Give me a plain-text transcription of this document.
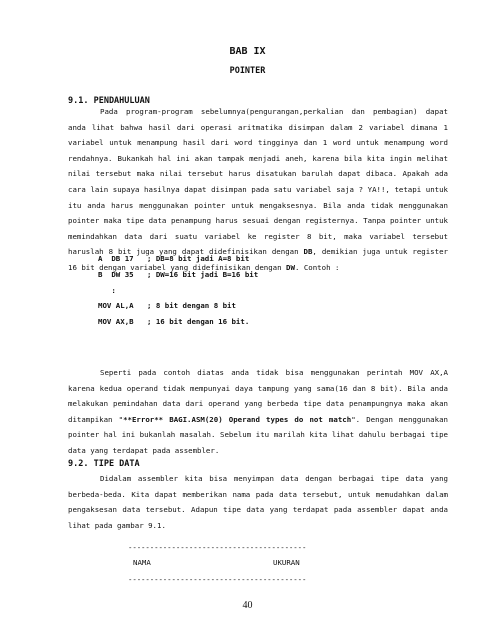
BAB IX
POINTER
9.1. PENDAHULUAN

Pada program-program sebelumnya(pengurangan,perkalian dan pembagian) dapat anda lihat bahwa hasil dari operasi aritmatika disimpan dalam 2 variabel dimana 1 variabel untuk menampung hasil dari word tingginya dan 1 word untuk menampung word rendahnya. Bukankah hal ini akan tampak menjadi aneh, karena bila kita ingin melihat nilai tersebut maka nilai tersebut harus disatukan barulah dapat dibaca. Apakah ada cara lain supaya hasilnya dapat disimpan pada satu variabel saja ? YA!!, tetapi untuk itu anda harus menggunakan pointer untuk mengaksesnya. Bila anda tidak menggunakan pointer maka tipe data penampung harus sesuai dengan registernya. Tanpa pointer untuk memindahkan data dari suatu variabel ke register 8 bit, maka variabel tersebut haruslah 8 bit juga yang dapat didefinisikan dengan DB, demikian juga untuk register 16 bit dengan variabel yang didefinisikan dengan DW. Contoh :

A  DB 17   ; DB=8 bit jadi A=8 bit
B  DW 35   ; DW=16 bit jadi B=16 bit
:
MOV AL,A   ; 8 bit dengan 8 bit
MOV AX,B   ; 16 bit dengan 16 bit.

Seperti pada contoh diatas anda tidak bisa menggunakan perintah MOV AX,A karena kedua operand tidak mempunyai daya tampung yang sama(16 dan 8 bit). Bila anda melakukan pemindahan data dari operand yang berbeda tipe data penampungnya maka akan ditampikan "**Error** BAGI.ASM(20) Operand types do not match". Dengan menggunakan pointer hal ini bukanlah masalah. Sebelum itu marilah kita lihat dahulu berbagai tipe data yang terdapat pada assembler.

9.2. TIPE DATA

Didalam assembler kita bisa menyimpan data dengan berbagai tipe data yang berbeda-beda. Kita dapat memberikan nama pada data tersebut, untuk memudahkan dalam pengaksesan data tersebut. Adapun tipe data yang terdapat pada assembler dapat anda lihat pada gambar 9.1.

-----------------------------------------
NAMA	UKURAN
-----------------------------------------
40
